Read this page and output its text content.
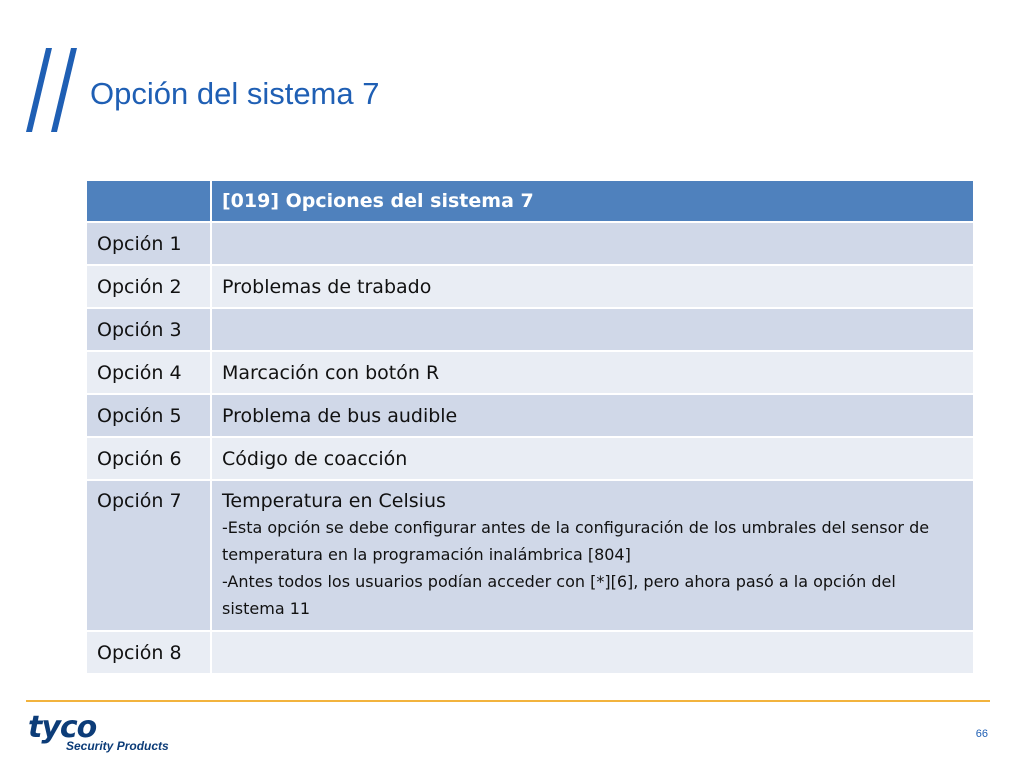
Opción del sistema 7
	[019] Opciones del sistema 7
Opción 1	
Opción 2	Problemas de trabado
Opción 3	
Opción 4	Marcación con botón R
Opción 5	Problema de bus audible
Opción 6	Código de coacción
Opción 7	Temperatura en Celsius
-Esta opción se debe configurar antes de la configuración de los umbrales del sensor de temperatura en la programación inalámbrica [804]
-Antes todos los usuarios podían acceder con [*][6], pero ahora pasó a la opción del sistema 11

Opción 8	
tyco
Security Products
66
